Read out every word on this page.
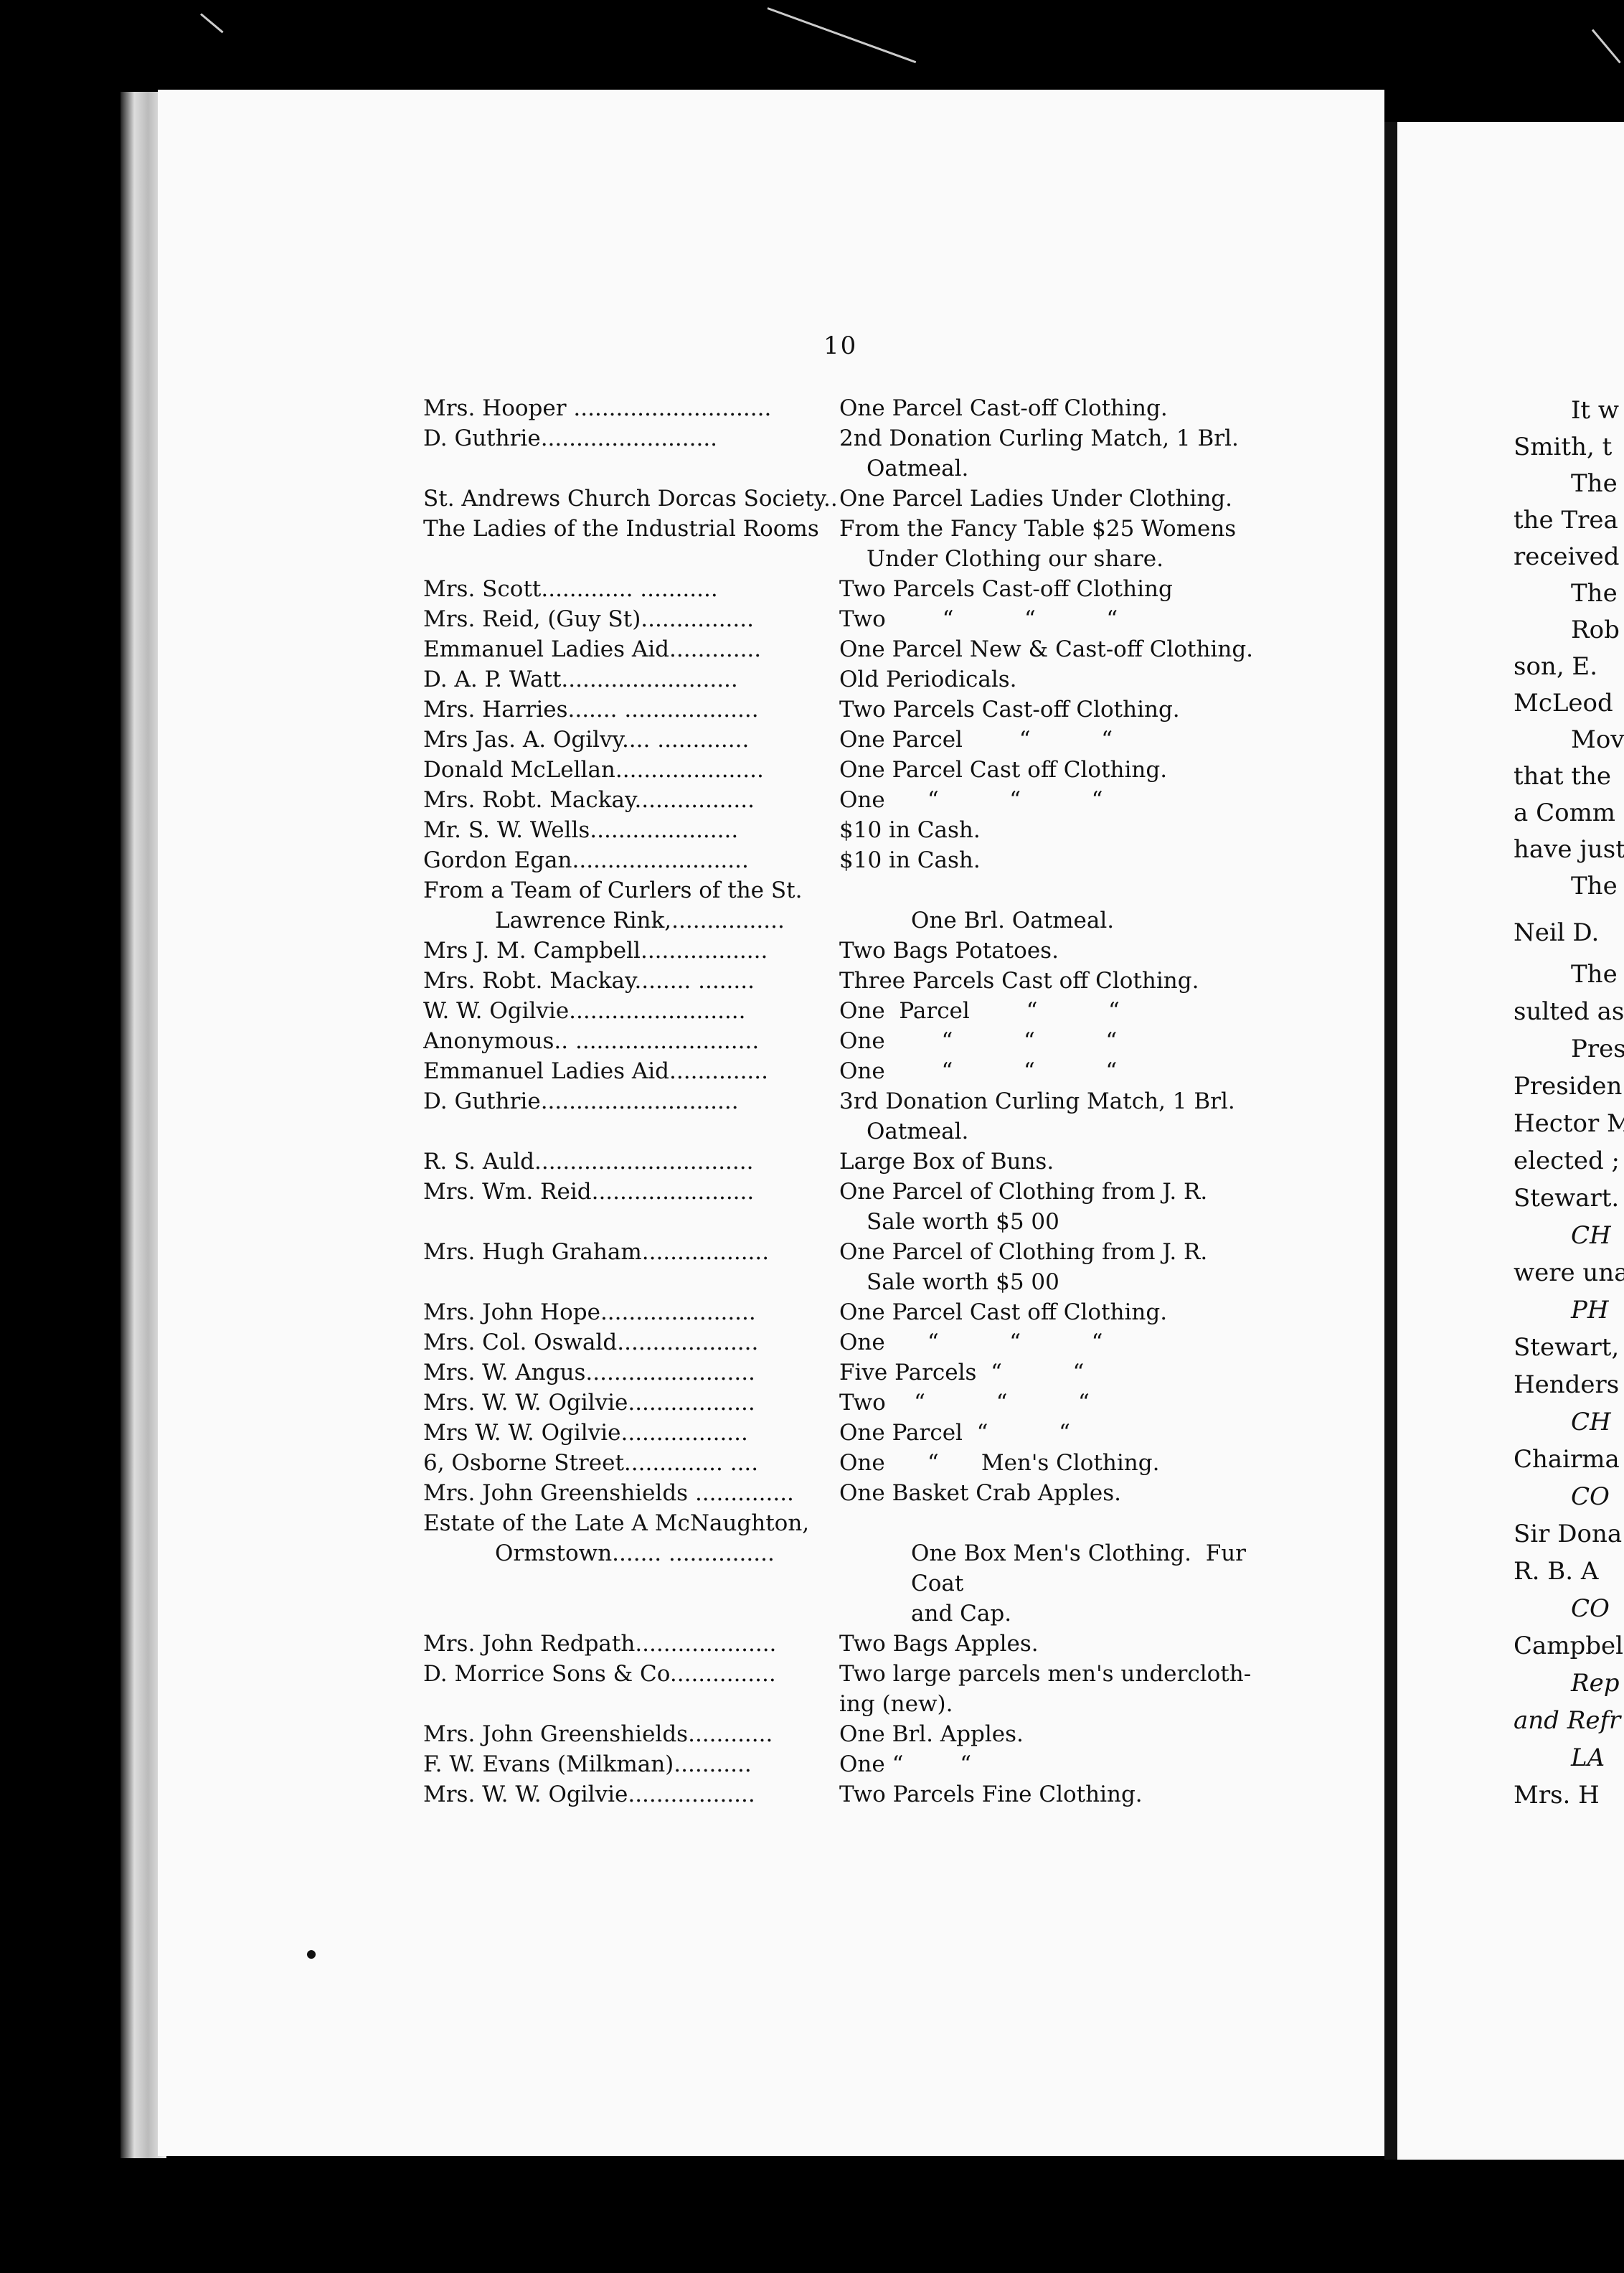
10
Mrs. Hooper ............................	One Parcel Cast-off Clothing.
D. Guthrie.........................	2nd Donation Curling Match, 1 Brl.
Oatmeal.
St. Andrews Church Dorcas Society.. One Parcel Ladies Under Clothing.
The Ladies of the Industrial Rooms From the Fancy Table $25 Womens
Under Clothing our share.
Mrs. Scott............. ...........	Two Parcels Cast-off Clothing
Mrs. Reid, (Guy St)................	Two        “          “          “
Emmanuel Ladies Aid.............	One Parcel New & Cast-off Clothing.
D. A. P. Watt.........................	Old Periodicals.
Mrs. Harries....... ...................	Two Parcels Cast-off Clothing.
Mrs Jas. A. Ogilvy.... .............	One Parcel        “          “
Donald McLellan.....................	One Parcel Cast off Clothing.
Mrs. Robt. Mackay.................	One      “          “          “
Mr. S. W. Wells.....................	$10 in Cash.
Gordon Egan.........................	$10 in Cash.
From a Team of Curlers of the St.
Lawrence Rink,................	One Brl. Oatmeal.
Mrs J. M. Campbell..................	Two Bags Potatoes.
Mrs. Robt. Mackay........ ........	Three Parcels Cast off Clothing.
W. W. Ogilvie.........................	One  Parcel        “          “
Anonymous.. ..........................	One        “          “          “
Emmanuel Ladies Aid..............	One        “          “          “
D. Guthrie............................	3rd Donation Curling Match, 1 Brl.
Oatmeal.
R. S. Auld...............................	Large Box of Buns.
Mrs. Wm. Reid.......................	One Parcel of Clothing from J. R.
Sale worth $5 00
Mrs. Hugh Graham..................	One Parcel of Clothing from J. R.
Sale worth $5 00
Mrs. John Hope......................	One Parcel Cast off Clothing.
Mrs. Col. Oswald....................	One      “          “          “
Mrs. W. Angus........................	Five Parcels  “          “
Mrs. W. W. Ogilvie..................	Two    “          “          “
Mrs W. W. Ogilvie..................	One Parcel  “          “
6, Osborne Street.............. ....	One      “      Men's Clothing.
Mrs. John Greenshields ..............	One Basket Crab Apples.
Estate of the Late A McNaughton,
Ormstown....... ...............	One Box Men's Clothing.  Fur Coat
and Cap.
Mrs. John Redpath....................	Two Bags Apples.
D. Morrice Sons & Co...............	Two large parcels men's undercloth-
ing (new).
Mrs. John Greenshields............	One Brl. Apples.
F. W. Evans (Milkman)...........	One “        “
Mrs. W. W. Ogilvie..................	Two Parcels Fine Clothing.
